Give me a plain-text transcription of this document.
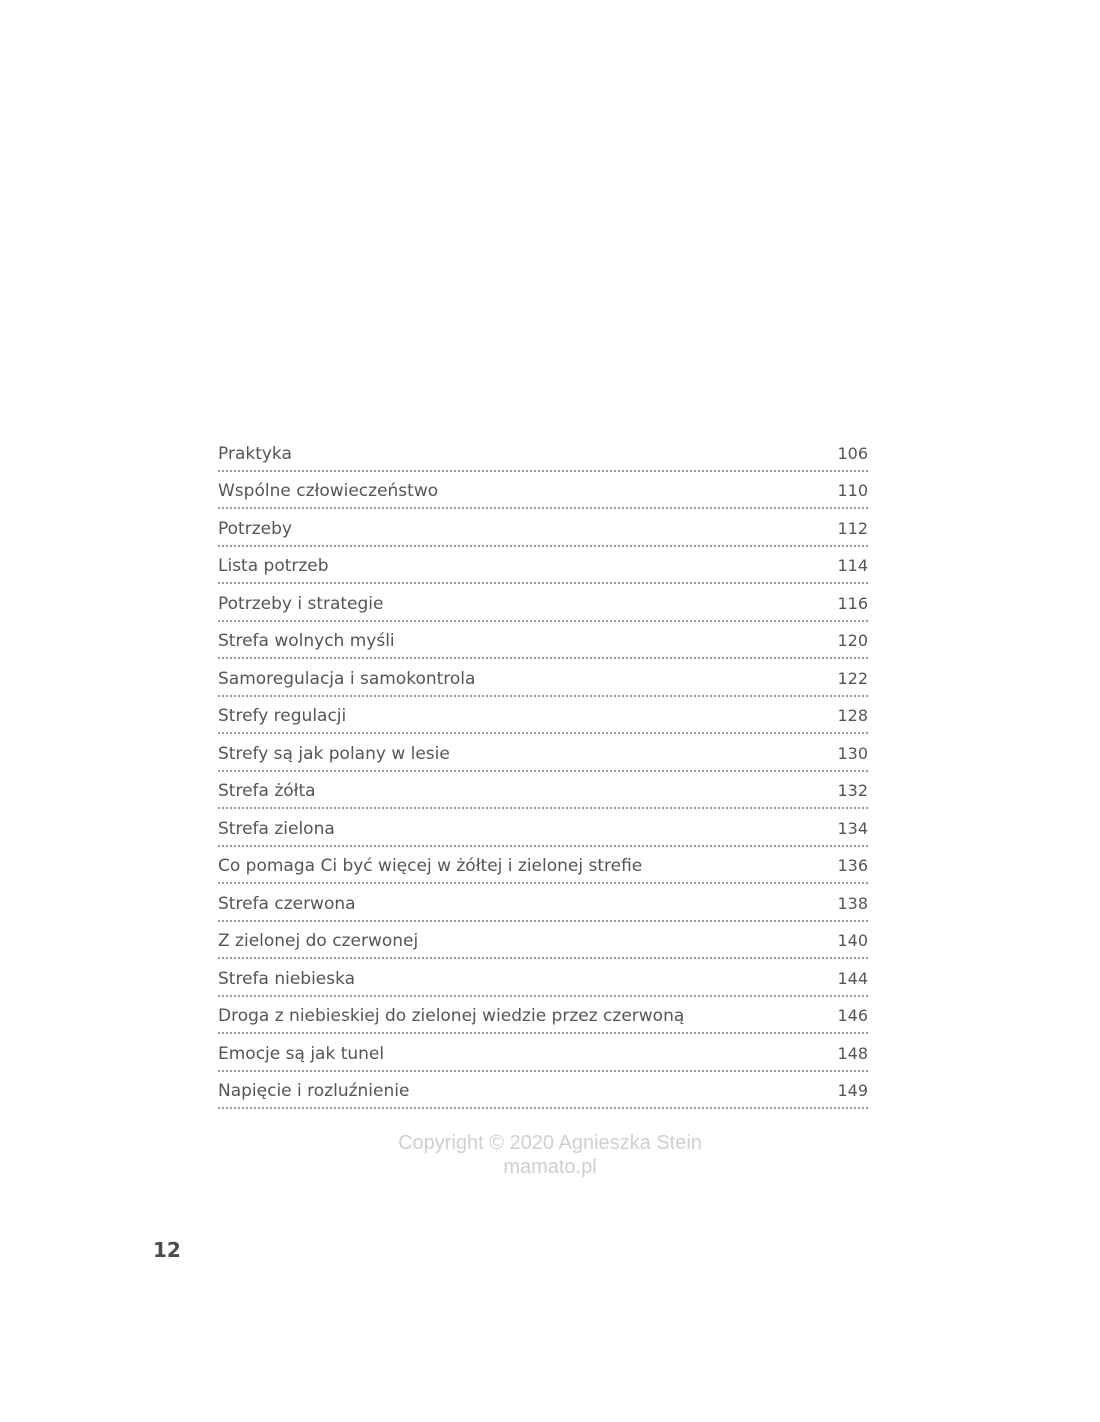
Praktyka	106
Wspólne człowieczeństwo	110
Potrzeby	112
Lista potrzeb	114
Potrzeby i strategie	116
Strefa wolnych myśli	120
Samoregulacja i samokontrola	122
Strefy regulacji	128
Strefy są jak polany w lesie	130
Strefa żółta	132
Strefa zielona	134
Co pomaga Ci być więcej w żółtej i zielonej strefie	136
Strefa czerwona	138
Z zielonej do czerwonej	140
Strefa niebieska	144
Droga z niebieskiej do zielonej wiedzie przez czerwoną	146
Emocje są jak tunel	148
Napięcie i rozluźnienie	149
Copyright © 2020 Agnieszka Stein
mamato.pl
12
